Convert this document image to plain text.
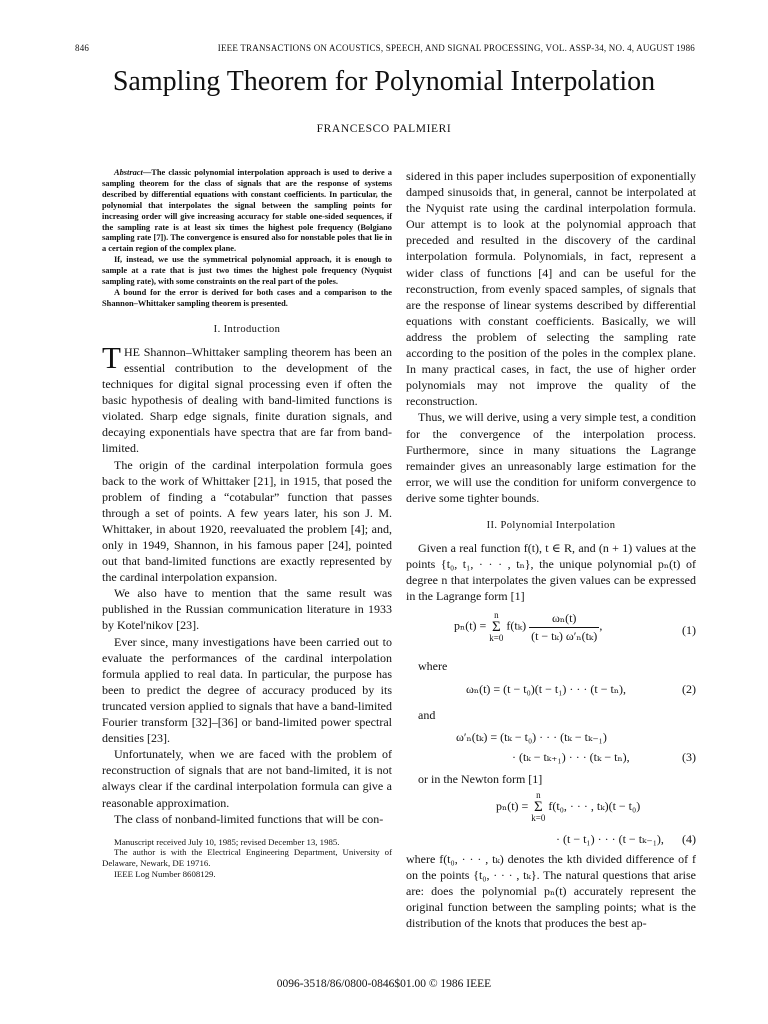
846	IEEE TRANSACTIONS ON ACOUSTICS, SPEECH, AND SIGNAL PROCESSING, VOL. ASSP-34, NO. 4, AUGUST 1986
Sampling Theorem for Polynomial Interpolation
FRANCESCO PALMIERI

Abstract—The classic polynomial interpolation approach is used to derive a sampling theorem for the class of signals that are the response of systems described by differential equations with constant coefficients. In particular, the polynomial that interpolates the signal between the sampling points for increasing order will give increasing accuracy for stable one-sided sequences, if the sampling rate is at least six times the highest pole frequency (Bolgiano sampling rate [7]). The convergence is ensured also for nonstable poles that lie in a certain region of the complex plane.

If, instead, we use the symmetrical polynomial approach, it is enough to sample at a rate that is just two times the highest pole frequency (Nyquist sampling rate), with some constraints on the real part of the poles.

A bound for the error is derived for both cases and a comparison to the Shannon–Whittaker sampling theorem is presented.

I. Introduction

THE Shannon–Whittaker sampling theorem has been an essential contribution to the development of the techniques for digital signal processing even if often the basic hypothesis of dealing with band-limited functions is violated. Sharp edge signals, finite duration signals, and decaying exponentials have spectra that are far from band-limited.

The origin of the cardinal interpolation formula goes back to the work of Whittaker [21], in 1915, that posed the problem of finding a “cotabular” function that passes through a set of points. A few years later, his son J. M. Whittaker, in about 1920, reevaluated the problem [4]; and, only in 1949, Shannon, in his famous paper [24], pointed out that band-limited functions are exactly represented by the cardinal interpolation expansion.

We also have to mention that the same result was published in the Russian communication literature in 1933 by Kotel'nikov [23].

Ever since, many investigations have been carried out to evaluate the performances of the cardinal interpolation formula applied to real data. In particular, the purpose has been to predict the degree of accuracy produced by its truncated version applied to signals that have a band-limited Fourier transform [32]–[36] or band-limited power spectral densities [23].

Unfortunately, when we are faced with the problem of reconstruction of signals that are not band-limited, it is not always clear if the cardinal interpolation formula can give a reasonable approximation.

The class of nonband-limited functions that will be con-

Manuscript received July 10, 1985; revised December 13, 1985.

The author is with the Electrical Engineering Department, University of Delaware, Newark, DE 19716.

IEEE Log Number 8608129.

sidered in this paper includes superposition of exponentially damped sinusoids that, in general, cannot be interpolated at the Nyquist rate using the cardinal interpolation formula. Our attempt is to look at the polynomial approach that preceded and resulted in the discovery of the cardinal interpolation formula. Polynomials, in fact, represent a wider class of functions [4] and can be useful for the reconstruction, from evenly spaced samples, of signals that are the response of linear systems described by differential equations with constant coefficients. Basically, we will address the problem of selecting the sampling rate according to the position of the poles in the complex plane. In many practical cases, in fact, the use of higher order polynomials may not improve the quality of the reconstruction.

Thus, we will derive, using a very simple test, a condition for the convergence of the interpolation process. Furthermore, since in many situations the Lagrange remainder gives an unreasonably large estimation for the error, we will use the condition for uniform convergence to derive some tighter bounds.

II. Polynomial Interpolation

Given a real function f(t), t ∈ R, and (n + 1) values at the points {t₀, t₁, · · · , tₙ}, the unique polynomial pₙ(t) of degree n that interpolates the given values can be expressed in the Lagrange form [1]

pₙ(t) = n
Σ
k=0 $f(t_k) \frac{\text{ωₙ(t)}}{\text{(t − tₖ) ω′ₙ(tₖ)}}$ ,	(1)

where

ωₙ(t) = (t − t₀)(t − t₁) · · · (t − tₙ),	(2)

and

ω′ₙ(tₖ) = (tₖ − t₀) · · · (tₖ − tₖ₋₁)
· (tₖ − tₖ₊₁) · · · (tₖ − tₙ),	(3)

or in the Newton form [1]

pₙ(t) = n
Σ
k=0 f(t₀, · · · , tₖ)(t − t₀)
· (t − t₁) · · · (t − tₖ₋₁), (4)

where f(t₀, · · · , tₖ) denotes the kth divided difference of f on the points {t₀, · · · , tₖ}. The natural questions that arise are: does the polynomial pₙ(t) accurately represent the original function between the sampling points; what is the distribution of the knots that produces the best ap-

0096-3518/86/0800-0846$01.00 © 1986 IEEE
